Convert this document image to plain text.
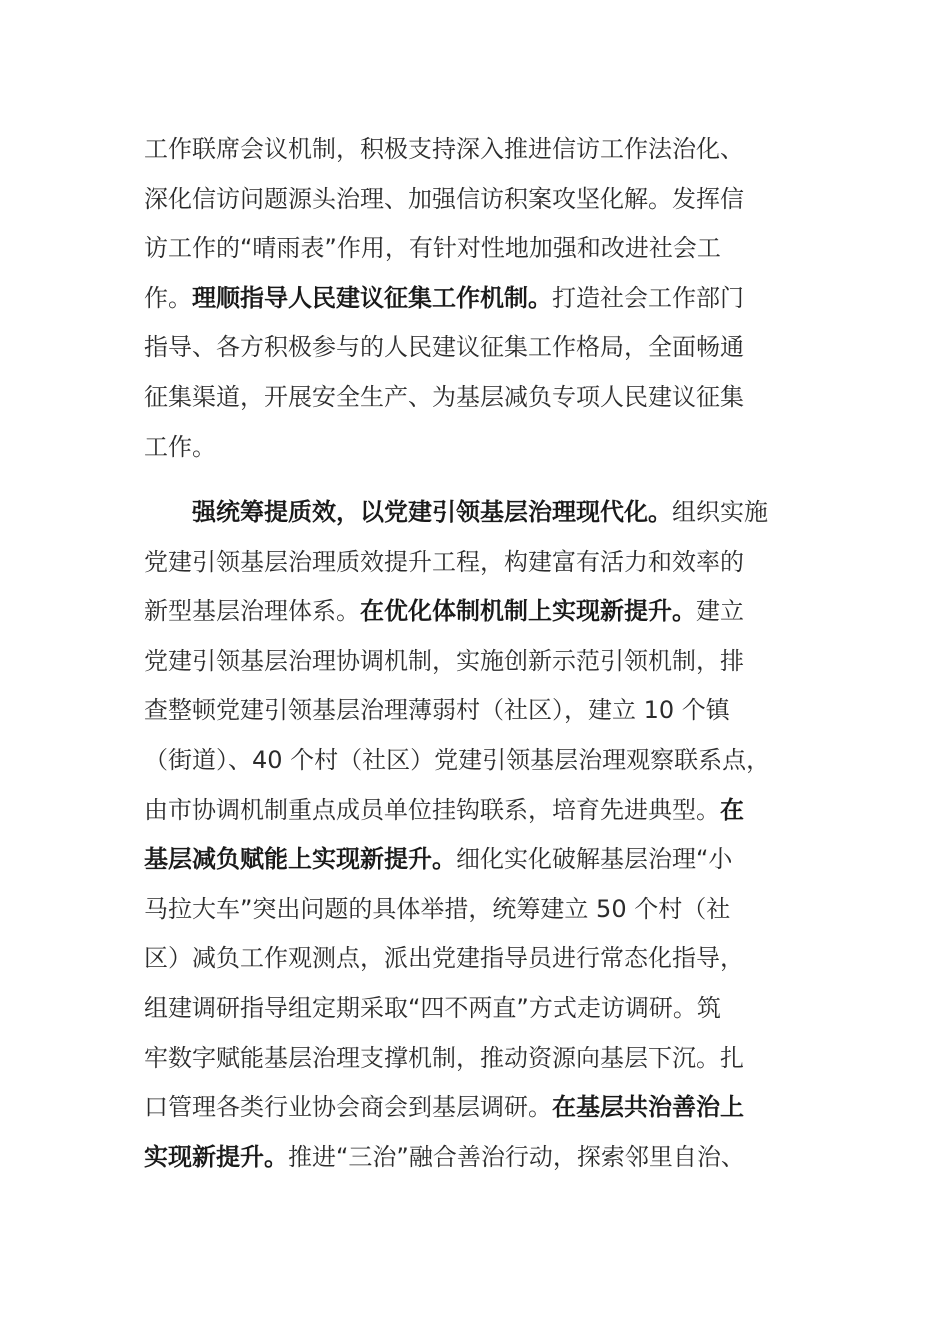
工作联席会议机制，积极支持深入推进信访工作法治化、
深化信访问题源头治理、加强信访积案攻坚化解。发挥信
访工作的“晴雨表”作用，有针对性地加强和改进社会工
作。理顺指导人民建议征集工作机制。打造社会工作部门
指导、各方积极参与的人民建议征集工作格局，全面畅通
征集渠道，开展安全生产、为基层减负专项人民建议征集
工作。
　　强统筹提质效，以党建引领基层治理现代化。组织实施
党建引领基层治理质效提升工程，构建富有活力和效率的
新型基层治理体系。在优化体制机制上实现新提升。建立
党建引领基层治理协调机制，实施创新示范引领机制，排
查整顿党建引领基层治理薄弱村（社区），建立 10 个镇
（街道）、40 个村（社区）党建引领基层治理观察联系点，
由市协调机制重点成员单位挂钩联系，培育先进典型。在
基层减负赋能上实现新提升。细化实化破解基层治理“小
马拉大车”突出问题的具体举措，统筹建立 50 个村（社
区）减负工作观测点，派出党建指导员进行常态化指导，
组建调研指导组定期采取“四不两直”方式走访调研。筑
牢数字赋能基层治理支撑机制，推动资源向基层下沉。扎
口管理各类行业协会商会到基层调研。在基层共治善治上
实现新提升。推进“三治”融合善治行动，探索邻里自治、
